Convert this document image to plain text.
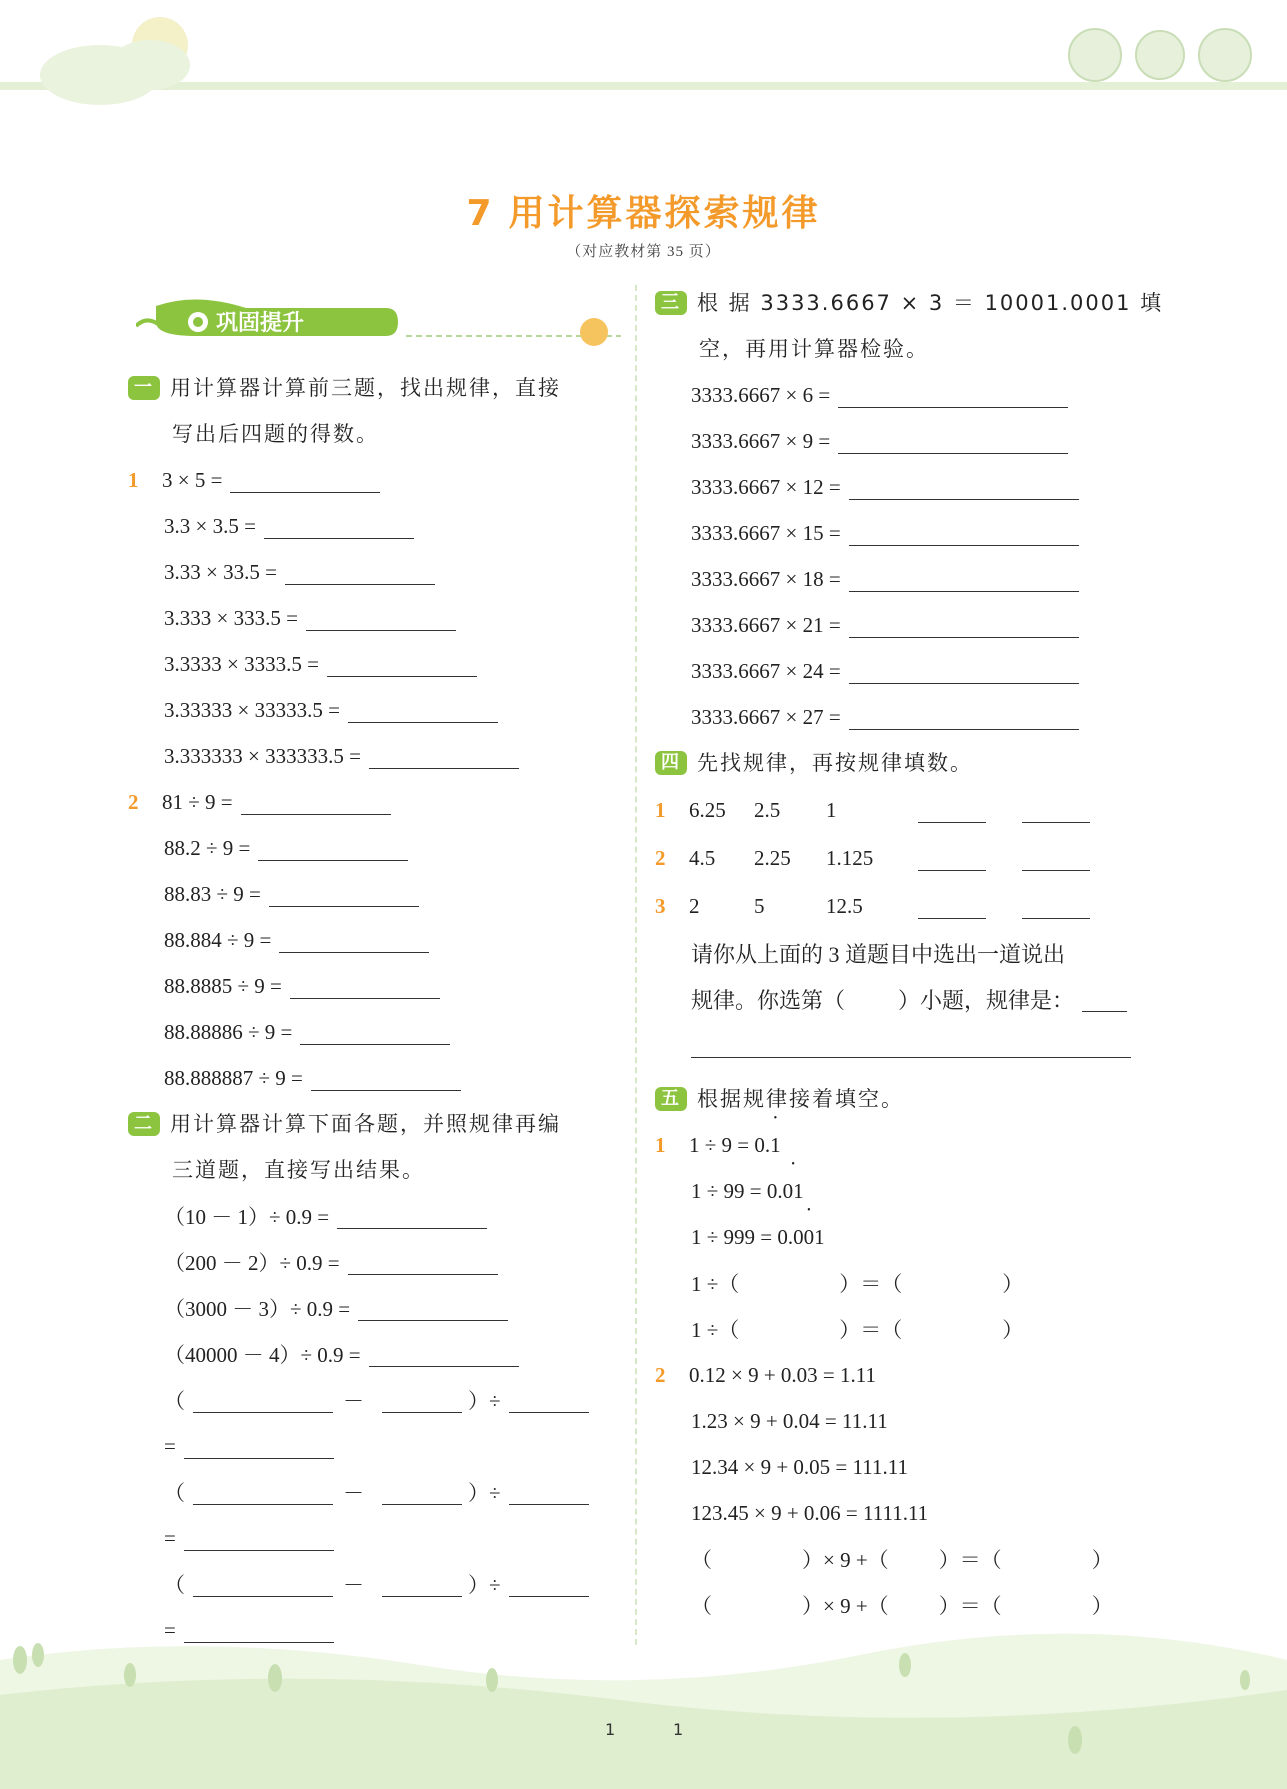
7 用计算器探索规律
（对应教材第 35 页）
巩固提升
一 用计算器计算前三题，找出规律，直接
写出后四题的得数。
1	3 × 5 =
3.3 × 3.5 =
3.33 × 33.5 =
3.333 × 333.5 =
3.3333 × 3333.5 =
3.33333 × 33333.5 =
3.333333 × 333333.5 =
2	81 ÷ 9 =
88.2 ÷ 9 =
88.83 ÷ 9 =
88.884 ÷ 9 =
88.8885 ÷ 9 =
88.88886 ÷ 9 =
88.888887 ÷ 9 =
二 用计算器计算下面各题，并照规律再编
三道题，直接写出结果。
（10 － 1）÷ 0.9 =
（200 － 2）÷ 0.9 =
（3000 － 3）÷ 0.9 =
（40000 － 4）÷ 0.9 =
（	－	）÷
=
（	－	）÷
=
（	－	）÷
=
三 根 据 3333.6667 × 3 ＝ 10001.0001 填
空，再用计算器检验。
3333.6667 × 6 =
3333.6667 × 9 =
3333.6667 × 12 =
3333.6667 × 15 =
3333.6667 × 18 =
3333.6667 × 21 =
3333.6667 × 24 =
3333.6667 × 27 =
四 先找规律，再按规律填数。
1	6.25	2.5	1
2	4.5	2.25	1.125
3	2	5	12.5
请你从上面的 3 道题目中选出一道说出
规律。你选第（ ）小题，规律是：
五 根据规律接着填空。
1	1 ÷ 9 = 0. • 1
1 ÷ 99 = 0. • 01
1 ÷ 999 = 0. • 001
1 ÷（	）＝（	）
1 ÷（	）＝（	）
2	0.12 × 9 + 0.03 = 1.11
1.23 × 9 + 0.04 = 11.11
12.34 × 9 + 0.05 = 111.11
123.45 × 9 + 0.06 = 1111.11
（	）× 9 +（ ）＝（	）
（	）× 9 +（ ）＝（	）
1	1
